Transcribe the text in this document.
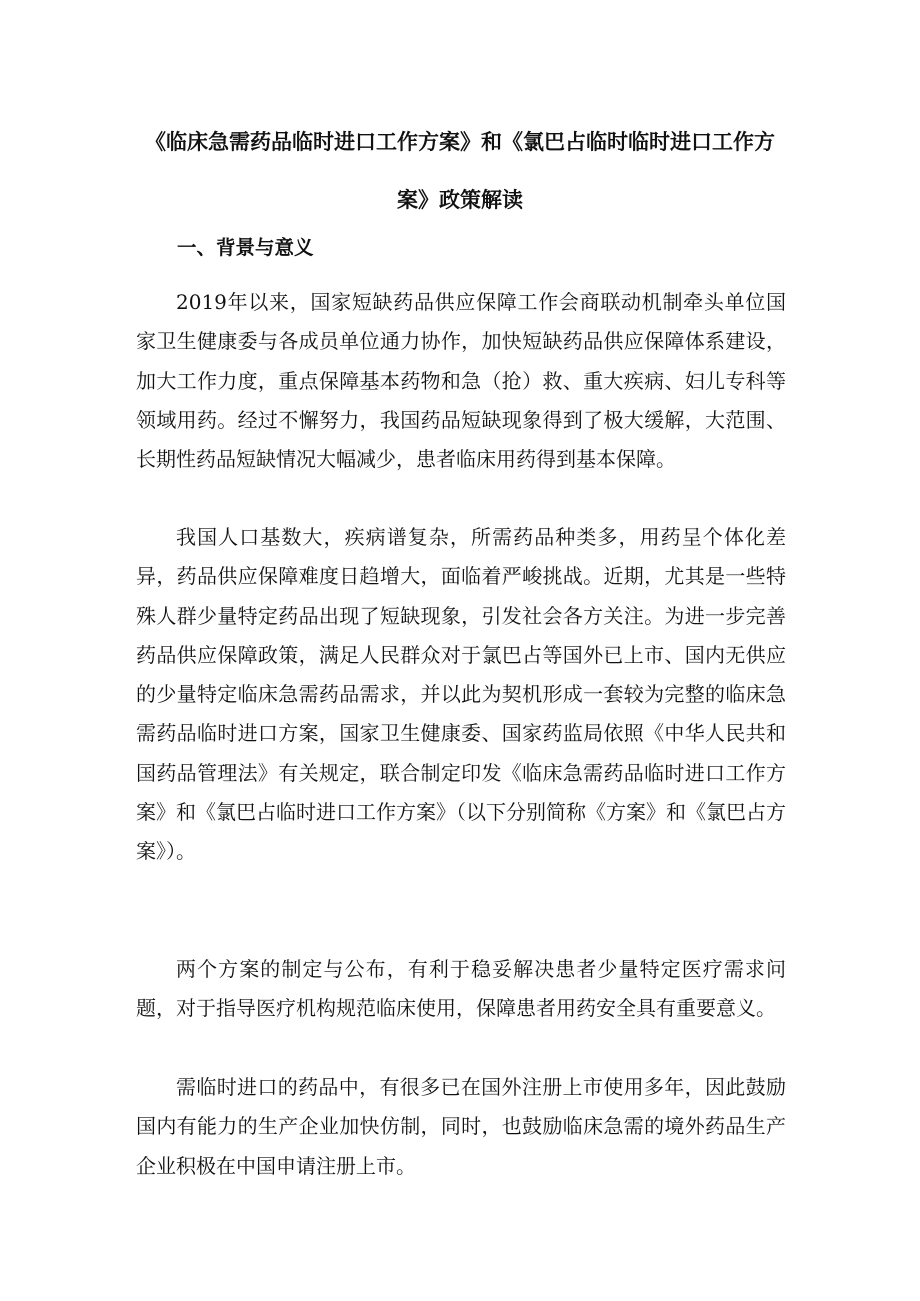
《临床急需药品临时进口工作方案》和《氯巴占临时临时进口工作方
案》政策解读
一、背景与意义

2019年以来，国家短缺药品供应保障工作会商联动机制牵头单位国家卫生健康委与各成员单位通力协作，加快短缺药品供应保障体系建设，加大工作力度，重点保障基本药物和急（抢）救、重大疾病、妇儿专科等领域用药。经过不懈努力，我国药品短缺现象得到了极大缓解，大范围、长期性药品短缺情况大幅减少，患者临床用药得到基本保障。

我国人口基数大，疾病谱复杂，所需药品种类多，用药呈个体化差异，药品供应保障难度日趋增大，面临着严峻挑战。近期，尤其是一些特殊人群少量特定药品出现了短缺现象，引发社会各方关注。为进一步完善药品供应保障政策，满足人民群众对于氯巴占等国外已上市、国内无供应的少量特定临床急需药品需求，并以此为契机形成一套较为完整的临床急需药品临时进口方案，国家卫生健康委、国家药监局依照《中华人民共和国药品管理法》有关规定，联合制定印发《临床急需药品临时进口工作方案》和《氯巴占临时进口工作方案》（以下分别简称《方案》和《氯巴占方案》）。

两个方案的制定与公布，有利于稳妥解决患者少量特定医疗需求问题，对于指导医疗机构规范临床使用，保障患者用药安全具有重要意义。

需临时进口的药品中，有很多已在国外注册上市使用多年，因此鼓励国内有能力的生产企业加快仿制，同时，也鼓励临床急需的境外药品生产企业积极在中国申请注册上市。
